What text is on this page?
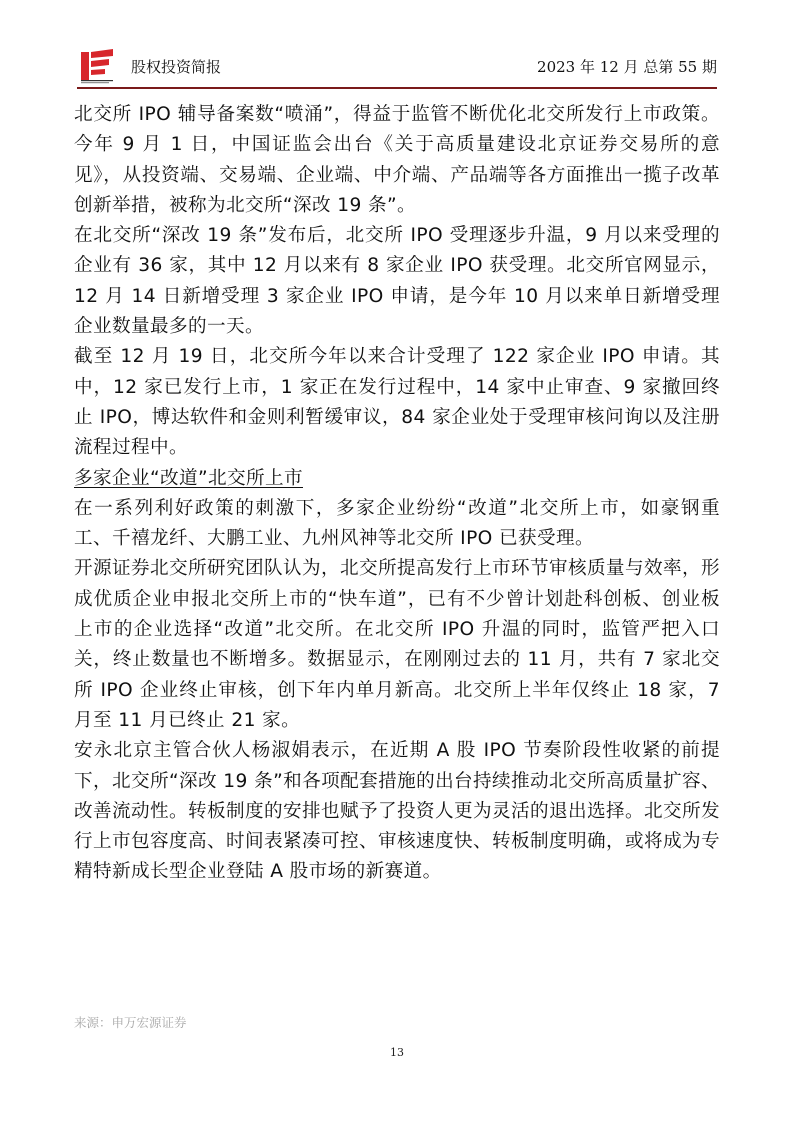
股权投资简报	2023 年 12 月 总第 55 期

北交所 IPO 辅导备案数“喷涌”，得益于监管不断优化北交所发行上市政策。今年 9 月 1 日，中国证监会出台《关于高质量建设北京证券交易所的意见》，从投资端、交易端、企业端、中介端、产品端等各方面推出一揽子改革创新举措，被称为北交所“深改 19 条”。

在北交所“深改 19 条”发布后，北交所 IPO 受理逐步升温，9 月以来受理的企业有 36 家，其中 12 月以来有 8 家企业 IPO 获受理。北交所官网显示，12 月 14 日新增受理 3 家企业 IPO 申请，是今年 10 月以来单日新增受理企业数量最多的一天。

截至 12 月 19 日，北交所今年以来合计受理了 122 家企业 IPO 申请。其中，12 家已发行上市，1 家正在发行过程中，14 家中止审查、9 家撤回终止 IPO，博达软件和金则利暂缓审议，84 家企业处于受理审核问询以及注册流程过程中。

多家企业“改道”北交所上市

在一系列利好政策的刺激下，多家企业纷纷“改道”北交所上市，如豪钢重工、千禧龙纤、大鹏工业、九州风神等北交所 IPO 已获受理。

开源证券北交所研究团队认为，北交所提高发行上市环节审核质量与效率，形成优质企业申报北交所上市的“快车道”，已有不少曾计划赴科创板、创业板上市的企业选择“改道”北交所。在北交所 IPO 升温的同时，监管严把入口关，终止数量也不断增多。数据显示，在刚刚过去的 11 月，共有 7 家北交所 IPO 企业终止审核，创下年内单月新高。北交所上半年仅终止 18 家，7 月至 11 月已终止 21 家。

安永北京主管合伙人杨淑娟表示，在近期 A 股 IPO 节奏阶段性收紧的前提下，北交所“深改 19 条”和各项配套措施的出台持续推动北交所高质量扩容、改善流动性。转板制度的安排也赋予了投资人更为灵活的退出选择。北交所发行上市包容度高、时间表紧凑可控、审核速度快、转板制度明确，或将成为专精特新成长型企业登陆 A 股市场的新赛道。

来源：申万宏源证券
13
